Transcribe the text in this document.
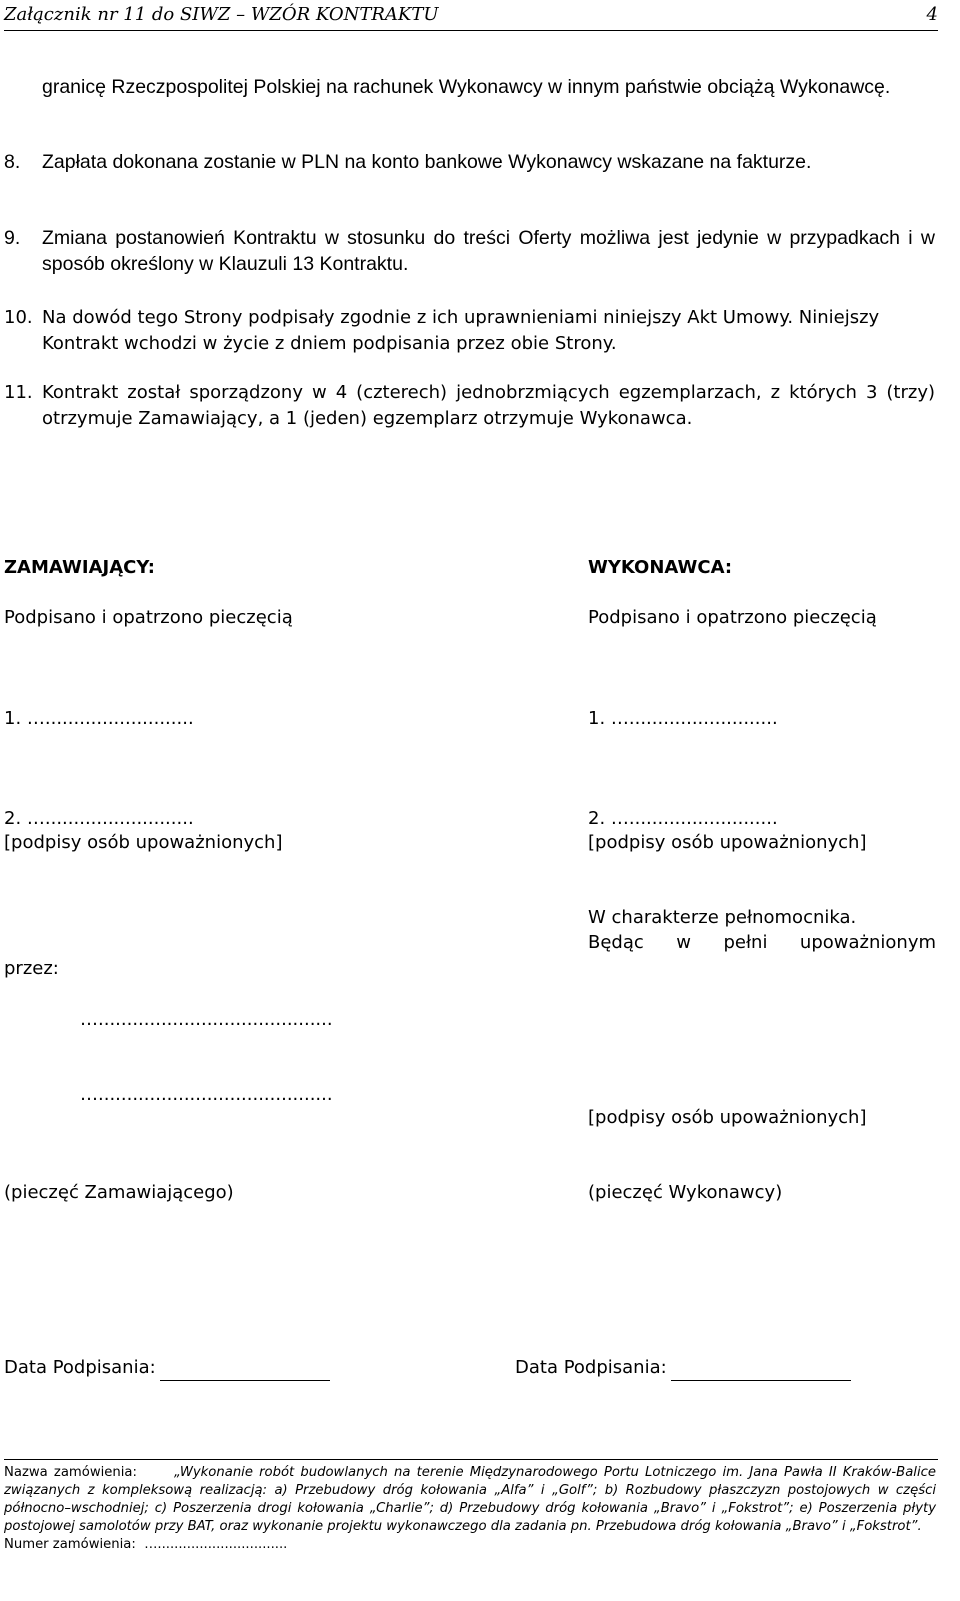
Załącznik nr 11 do SIWZ – WZÓR KONTRAKTU	4
granicę Rzeczpospolitej Polskiej na rachunek Wykonawcy w innym państwie obciążą Wykonawcę.
8. Zapłata dokonana zostanie w PLN na konto bankowe Wykonawcy wskazane na fakturze.
9. Zmiana postanowień Kontraktu w stosunku do treści Oferty możliwa jest jedynie w przypadkach i w sposób określony w Klauzuli 13 Kontraktu.
10. Na dowód tego Strony podpisały zgodnie z ich uprawnieniami niniejszy Akt Umowy. Niniejszy Kontrakt wchodzi w życie z dniem podpisania przez obie Strony.
11. Kontrakt został sporządzony w 4 (czterech) jednobrzmiących egzemplarzach, z których 3 (trzy) otrzymuje Zamawiający, a 1 (jeden) egzemplarz otrzymuje Wykonawca.
ZAMAWIAJĄCY:
Podpisano i opatrzono pieczęcią
1. …..........................
2. …..........................
[podpisy osób upoważnionych]
przez:
….........................................
….........................................
(pieczęć Zamawiającego)
Data Podpisania:
WYKONAWCA:
Podpisano i opatrzono pieczęcią
1. …..........................
2. …..........................
[podpisy osób upoważnionych]
W charakterze pełnomocnika.
Będąc w pełni upoważnionym
[podpisy osób upoważnionych]
(pieczęć Wykonawcy)
Data Podpisania:
Nazwa zamówienia:	„Wykonanie robót budowlanych na terenie Międzynarodowego Portu Lotniczego im. Jana Pawła II Kraków-Balice związanych z kompleksową realizacją: a) Przebudowy dróg kołowania „Alfa” i „Golf”; b) Rozbudowy płaszczyzn postojowych w części północno–wschodniej; c) Poszerzenia drogi kołowania „Charlie”; d) Przebudowy dróg kołowania „Bravo” i „Fokstrot”; e) Poszerzenia płyty postojowej samolotów przy BAT, oraz wykonanie projektu wykonawczego dla zadania pn. Przebudowa dróg kołowania „Bravo” i „Fokstrot”.
Numer zamówienia: …...............................
